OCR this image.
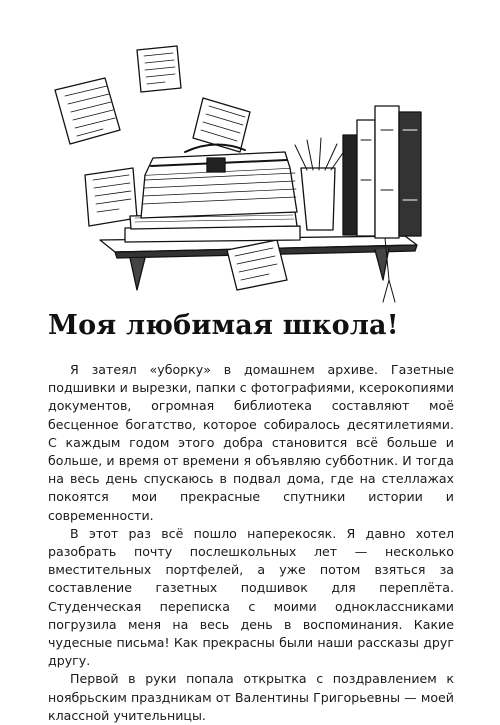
Моя любимая школа!

Я затеял «уборку» в домашнем архиве. Газетные подшивки и вырезки, папки с фотографиями, ксерокопиями документов, огромная библиотека составляют моё бесценное богатство, которое собиралось десятилетиями. С каждым годом этого добра становится всё больше и больше, и время от времени я объявляю субботник. И тогда на весь день спускаюсь в подвал дома, где на стеллажах покоятся мои прекрасные спутники истории и современности.

В этот раз всё пошло наперекосяк. Я давно хотел разобрать почту послешкольных лет — несколько вместительных портфелей, а уже потом взяться за составление газетных подшивок для переплёта. Студенческая переписка с моими одноклассниками погрузила меня на весь день в воспоминания. Какие чудесные письма! Как прекрасны были наши рассказы друг другу.

Первой в руки попала открытка с поздравлением к ноябрьским праздникам от Валентины Григорьевны — моей классной учительницы.
